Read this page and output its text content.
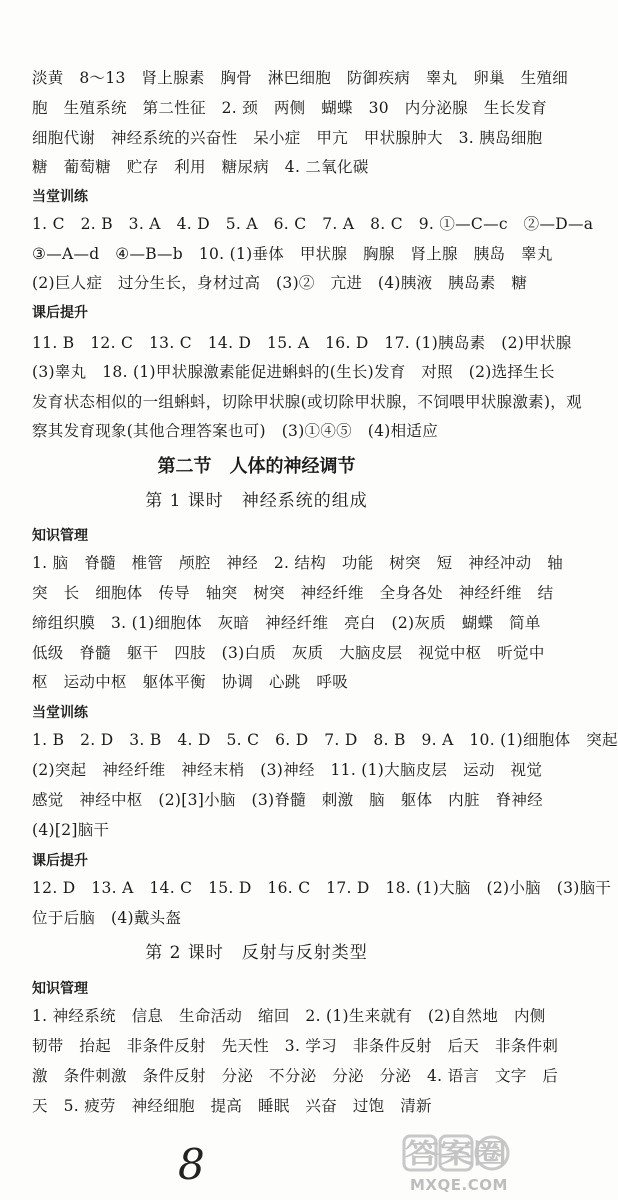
淡黄　8～13　肾上腺素　胸骨　淋巴细胞　防御疾病　睾丸　卵巢　生殖细
胞　生殖系统　第二性征　2. 颈　两侧　蝴蝶　30　内分泌腺　生长发育
细胞代谢　神经系统的兴奋性　呆小症　甲亢　甲状腺肿大　3. 胰岛细胞
糖　葡萄糖　贮存　利用　糖尿病　4. 二氧化碳
当堂训练
1. C　2. B　3. A　4. D　5. A　6. C　7. A　8. C　9. ①—C—c　②—D—a
③—A—d　④—B—b　10. (1)垂体　甲状腺　胸腺　肾上腺　胰岛　睾丸
(2)巨人症　过分生长，身材过高　(3)②　亢进　(4)胰液　胰岛素　糖
课后提升
11. B　12. C　13. C　14. D　15. A　16. D　17. (1)胰岛素　(2)甲状腺
(3)睾丸　18. (1)甲状腺激素能促进蝌蚪的(生长)发育　对照　(2)选择生长
发育状态相似的一组蝌蚪，切除甲状腺(或切除甲状腺，不饲喂甲状腺激素)，观
察其发育现象(其他合理答案也可)　(3)①④⑤　(4)相适应
第二节　人体的神经调节
第 1 课时　神经系统的组成
知识管理
1. 脑　脊髓　椎管　颅腔　神经　2. 结构　功能　树突　短　神经冲动　轴
突　长　细胞体　传导　轴突　树突　神经纤维　全身各处　神经纤维　结
缔组织膜　3. (1)细胞体　灰暗　神经纤维　亮白　(2)灰质　蝴蝶　简单
低级　脊髓　躯干　四肢　(3)白质　灰质　大脑皮层　视觉中枢　听觉中
枢　运动中枢　躯体平衡　协调　心跳　呼吸
当堂训练
1. B　2. D　3. B　4. D　5. C　6. D　7. D　8. B　9. A　10. (1)细胞体　突起
(2)突起　神经纤维　神经末梢　(3)神经　11. (1)大脑皮层　运动　视觉
感觉　神经中枢　(2)[3]小脑　(3)脊髓　刺激　脑　躯体　内脏　脊神经
(4)[2]脑干
课后提升
12. D　13. A　14. C　15. D　16. C　17. D　18. (1)大脑　(2)小脑　(3)脑干
位于后脑　(4)戴头盔
第 2 课时　反射与反射类型
知识管理
1. 神经系统　信息　生命活动　缩回　2. (1)生来就有　(2)自然地　内侧
韧带　抬起　非条件反射　先天性　3. 学习　非条件反射　后天　非条件刺
激　条件刺激　条件反射　分泌　不分泌　分泌　分泌　4. 语言　文字　后
天　5. 疲劳　神经细胞　提高　睡眠　兴奋　过饱　清新
8	答案圈
MXQE.COM
